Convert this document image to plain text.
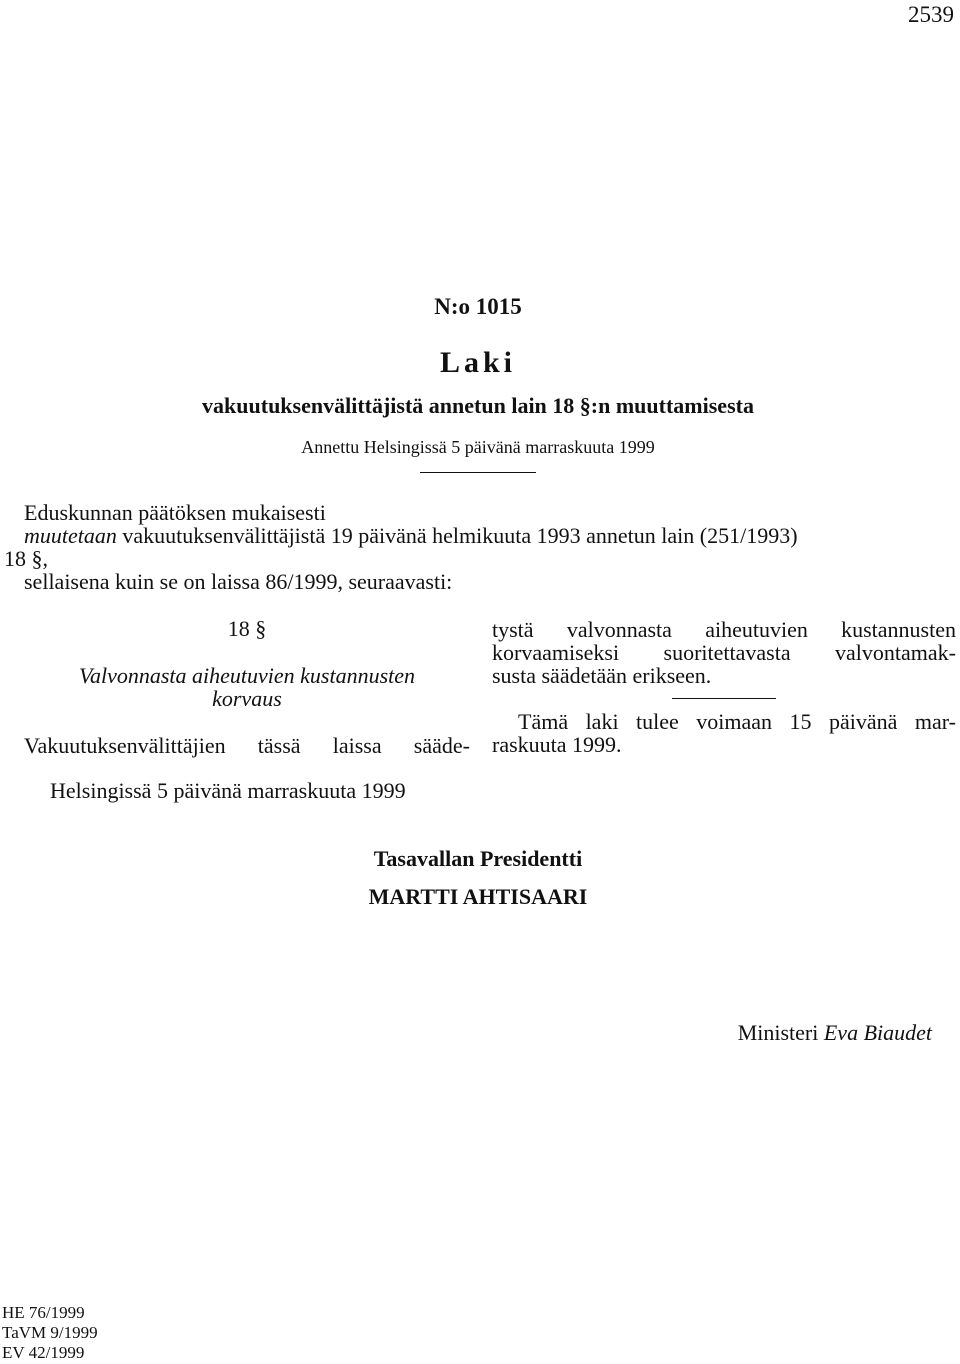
2539
N:o 1015
Laki
vakuutuksenvälittäjistä annetun lain 18 §:n muuttamisesta
Annettu Helsingissä 5 päivänä marraskuuta 1999
Eduskunnan päätöksen mukaisesti
muutetaan vakuutuksenvälittäjistä 19 päivänä helmikuuta 1993 annetun lain (251/1993)
18 §,
sellaisena kuin se on laissa 86/1999, seuraavasti:
18 §
Valvonnasta aiheutuvien kustannusten
korvaus
Vakuutuksenvälittäjien tässä laissa sääde-
tystä valvonnasta aiheutuvien kustannusten
korvaamiseksi suoritettavasta valvontamak-
susta säädetään erikseen.
Tämä laki tulee voimaan 15 päivänä mar-
raskuuta 1999.
Helsingissä 5 päivänä marraskuuta 1999
Tasavallan Presidentti
MARTTI AHTISAARI
Ministeri Eva Biaudet
HE 76/1999
TaVM 9/1999
EV 42/1999
